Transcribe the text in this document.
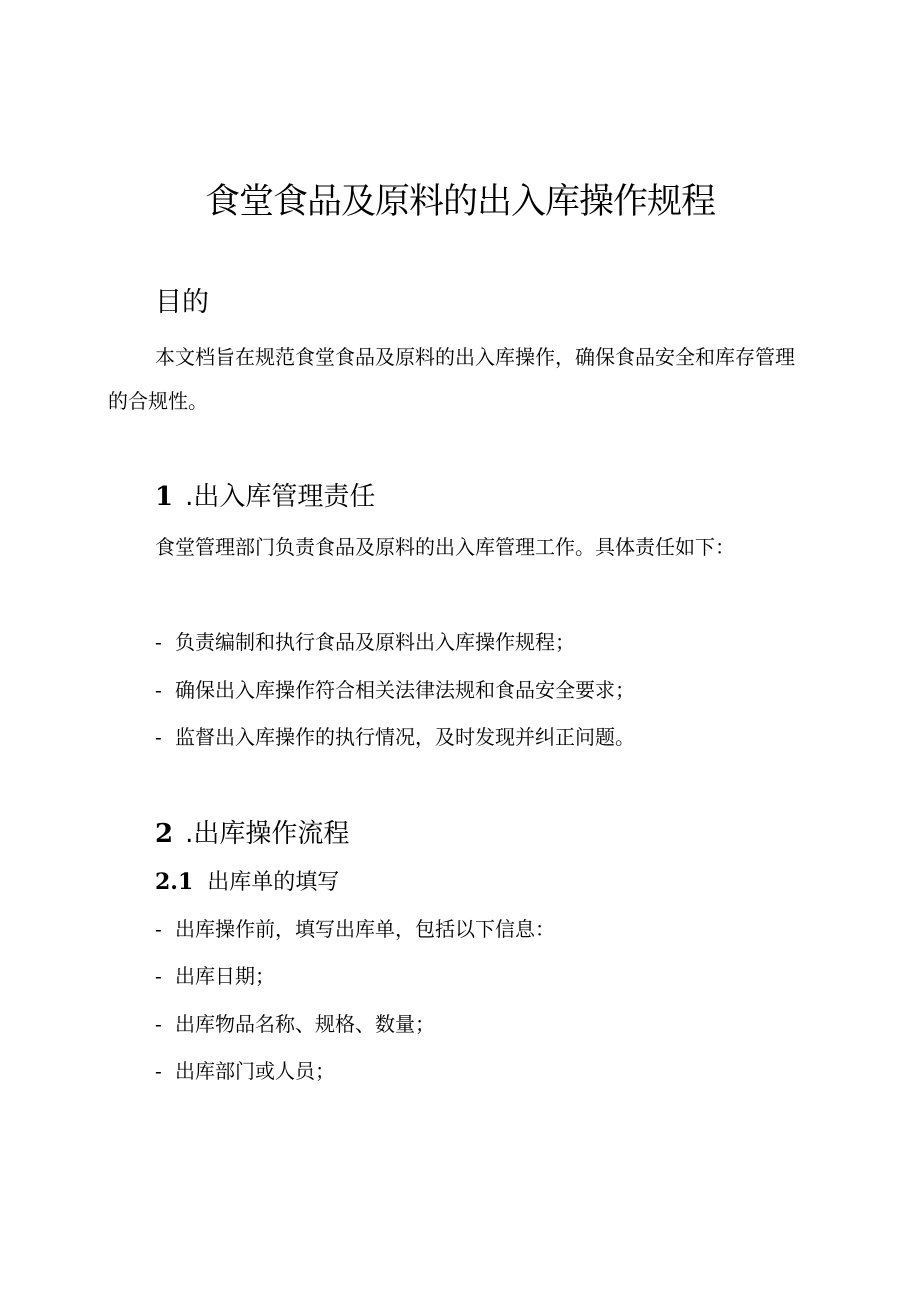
食堂食品及原料的出入库操作规程
目的
本文档旨在规范食堂食品及原料的出入库操作，确保食品安全和库存管理的合规性。
1 .出入库管理责任
食堂管理部门负责食品及原料的出入库管理工作。具体责任如下：
- 负责编制和执行食品及原料出入库操作规程；
- 确保出入库操作符合相关法律法规和食品安全要求；
- 监督出入库操作的执行情况，及时发现并纠正问题。
2 .出库操作流程
2.1 出库单的填写
- 出库操作前，填写出库单，包括以下信息：
- 出库日期；
- 出库物品名称、规格、数量；
- 出库部门或人员；
